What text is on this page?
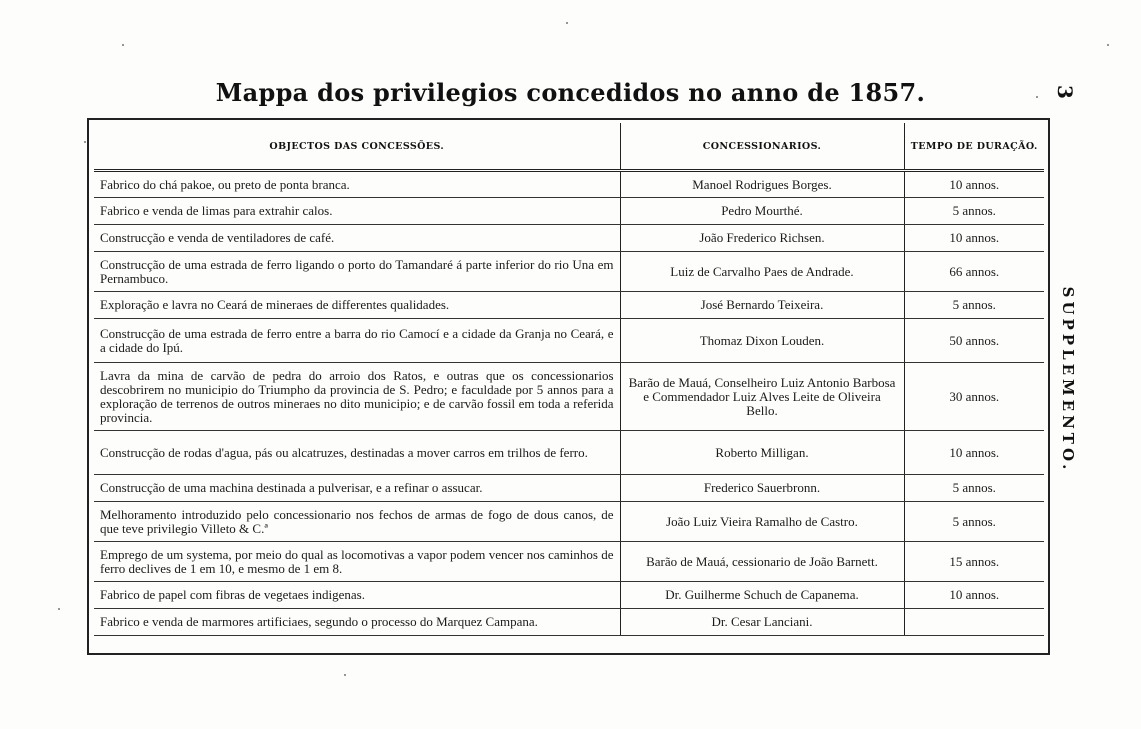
Mappa dos privilegios concedidos no anno de 1857.	3
SUPPLEMENTO.
OBJECTOS DAS CONCESSÕES.	CONCESSIONARIOS.	TEMPO DE DURAÇÃO.
Fabrico do chá pakoe, ou preto de ponta branca.	Manoel Rodrigues Borges.	10 annos.
Fabrico e venda de limas para extrahir calos.	Pedro Mourthé.	5 annos.
Construcção e venda de ventiladores de café.	João Frederico Richsen.	10 annos.
Construcção de uma estrada de ferro ligando o porto do Tamandaré á parte inferior do rio Una em Pernambuco.	Luiz de Carvalho Paes de Andrade.	66 annos.
Exploração e lavra no Ceará de mineraes de differentes qualidades.	José Bernardo Teixeira.	5 annos.
Construcção de uma estrada de ferro entre a barra do rio Camocí e a cidade da Granja no Ceará, e a cidade do Ipú.	Thomaz Dixon Louden.	50 annos.
Lavra da mina de carvão de pedra do arroio dos Ratos, e outras que os concessionarios descobrirem no municipio do Triumpho da provincia de S. Pedro; e faculdade por 5 annos para a exploração de terrenos de outros mineraes no dito municipio; e de carvão fossil em toda a referida provincia.	Barão de Mauá, Conselheiro Luiz Antonio Barbosa e Commendador Luiz Alves Leite de Oliveira Bello.	30 annos.
Construcção de rodas d'agua, pás ou alcatruzes, destinadas a mover carros em trilhos de ferro.	Roberto Milligan.	10 annos.
Construcção de uma machina destinada a pulverisar, e a refinar o assucar.	Frederico Sauerbronn.	5 annos.
Melhoramento introduzido pelo concessionario nos fechos de armas de fogo de dous canos, de que teve privilegio Villeto & C.ª	João Luiz Vieira Ramalho de Castro.	5 annos.
Emprego de um systema, por meio do qual as locomotivas a vapor podem vencer nos caminhos de ferro declives de 1 em 10, e mesmo de 1 em 8.	Barão de Mauá, cessionario de João Barnett.	15 annos.
Fabrico de papel com fibras de vegetaes indigenas.	Dr. Guilherme Schuch de Capanema.	10 annos.
Fabrico e venda de marmores artificiaes, segundo o processo do Marquez Campana.	Dr. Cesar Lanciani.	
